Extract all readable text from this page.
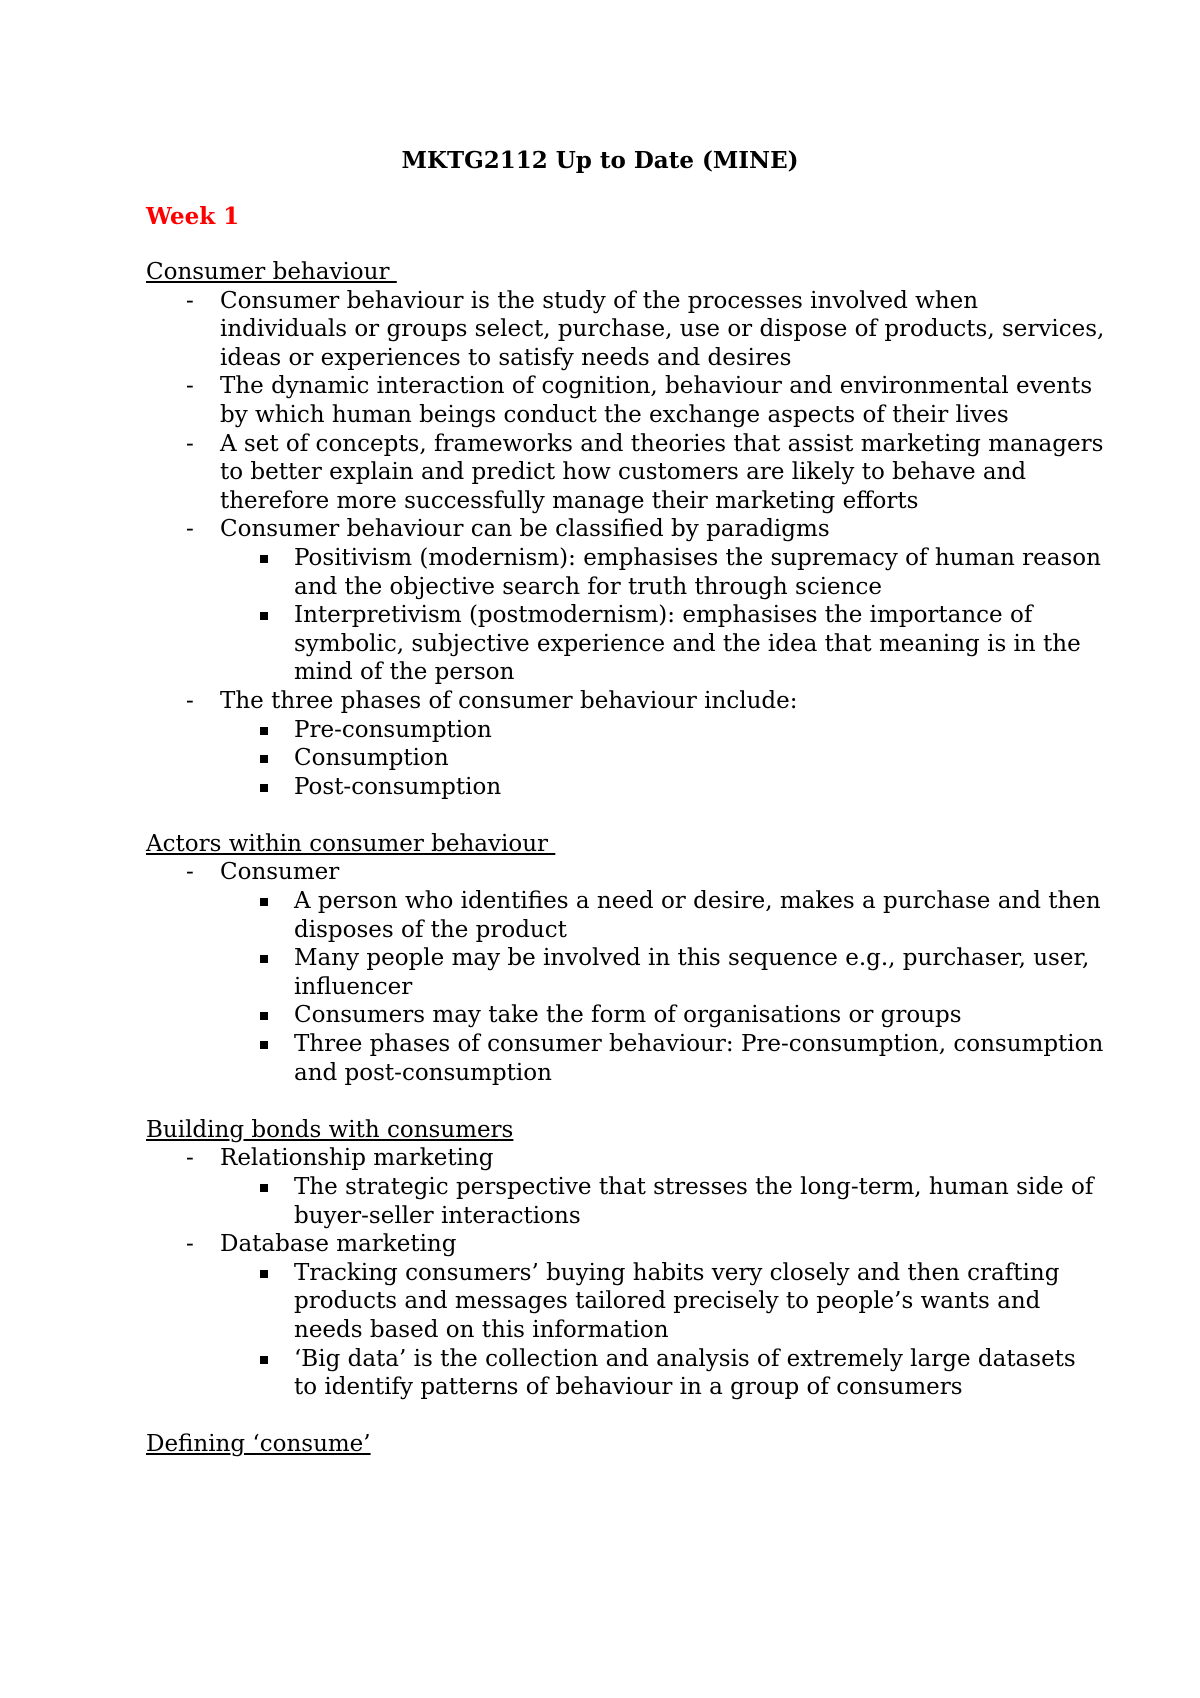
MKTG2112 Up to Date (MINE)
Week 1
Consumer behaviour
- Consumer behaviour is the study of the processes involved when individuals or groups select, purchase, use or dispose of products, services, ideas or experiences to satisfy needs and desires
- The dynamic interaction of cognition, behaviour and environmental events by which human beings conduct the exchange aspects of their lives
- A set of concepts, frameworks and theories that assist marketing managers to better explain and predict how customers are likely to behave and therefore more successfully manage their marketing efforts
- Consumer behaviour can be classified by paradigms
Positivism (modernism): emphasises the supremacy of human reason and the objective search for truth through science
Interpretivism (postmodernism): emphasises the importance of symbolic, subjective experience and the idea that meaning is in the mind of the person
- The three phases of consumer behaviour include:
Pre-consumption
Consumption
Post-consumption
Actors within consumer behaviour
- Consumer
A person who identifies a need or desire, makes a purchase and then disposes of the product
Many people may be involved in this sequence e.g., purchaser, user, influencer
Consumers may take the form of organisations or groups
Three phases of consumer behaviour: Pre-consumption, consumption and post-consumption
Building bonds with consumers
- Relationship marketing
The strategic perspective that stresses the long-term, human side of buyer-seller interactions
- Database marketing
Tracking consumers’ buying habits very closely and then crafting products and messages tailored precisely to people’s wants and needs based on this information
‘Big data’ is the collection and analysis of extremely large datasets to identify patterns of behaviour in a group of consumers
Defining ‘consume’
